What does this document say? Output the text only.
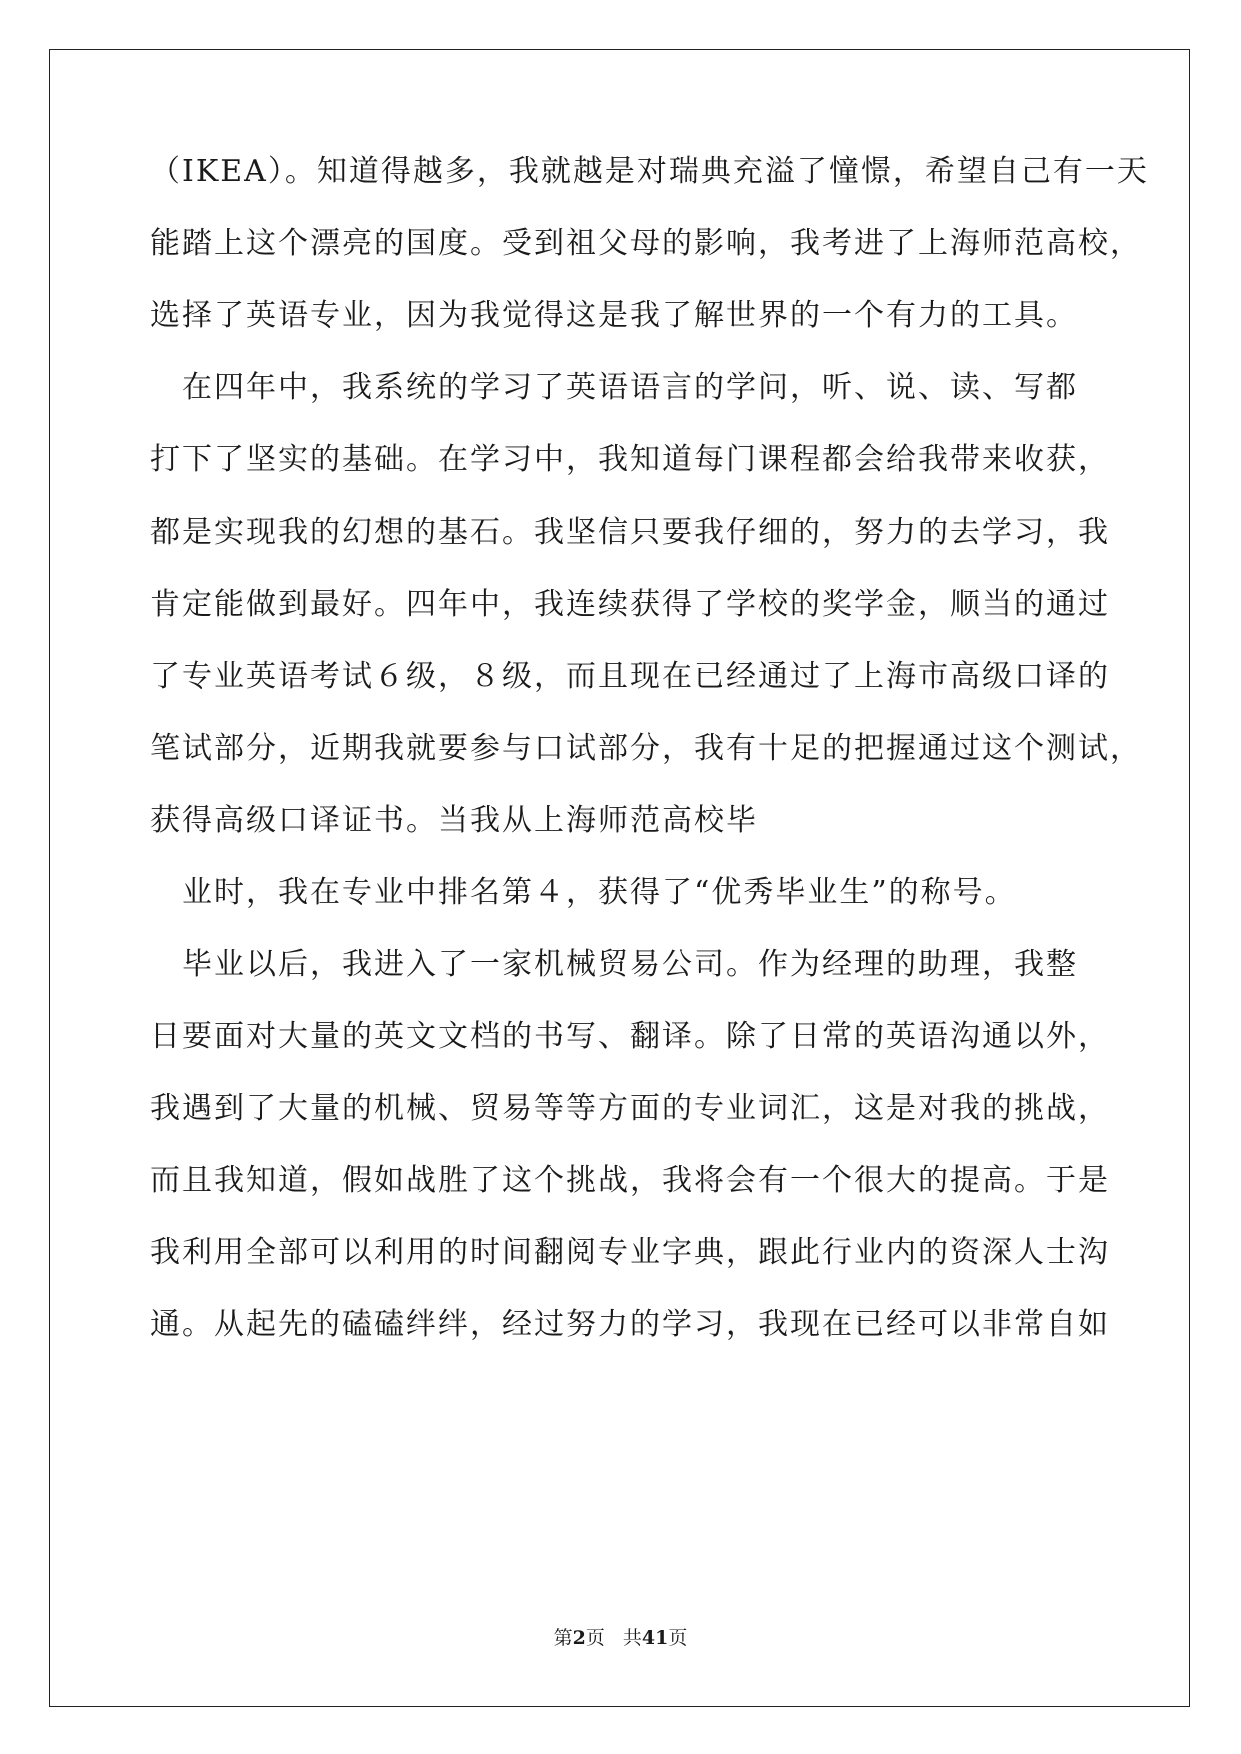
（IKEA）。知道得越多，我就越是对瑞典充溢了憧憬，希望自己有一天
能踏上这个漂亮的国度。受到祖父母的影响，我考进了上海师范高校，
选择了英语专业，因为我觉得这是我了解世界的一个有力的工具。
　在四年中，我系统的学习了英语语言的学问，听、说、读、写都
打下了坚实的基础。在学习中，我知道每门课程都会给我带来收获，
都是实现我的幻想的基石。我坚信只要我仔细的，努力的去学习，我
肯定能做到最好。四年中，我连续获得了学校的奖学金，顺当的通过
了专业英语考试６级，８级，而且现在已经通过了上海市高级口译的
笔试部分，近期我就要参与口试部分，我有十足的把握通过这个测试，
获得高级口译证书。当我从上海师范高校毕
　业时，我在专业中排名第４，获得了“优秀毕业生”的称号。
　毕业以后，我进入了一家机械贸易公司。作为经理的助理，我整
日要面对大量的英文文档的书写、翻译。除了日常的英语沟通以外，
我遇到了大量的机械、贸易等等方面的专业词汇，这是对我的挑战，
而且我知道，假如战胜了这个挑战，我将会有一个很大的提高。于是
我利用全部可以利用的时间翻阅专业字典，跟此行业内的资深人士沟
通。从起先的磕磕绊绊，经过努力的学习，我现在已经可以非常自如
第2页 共41页
